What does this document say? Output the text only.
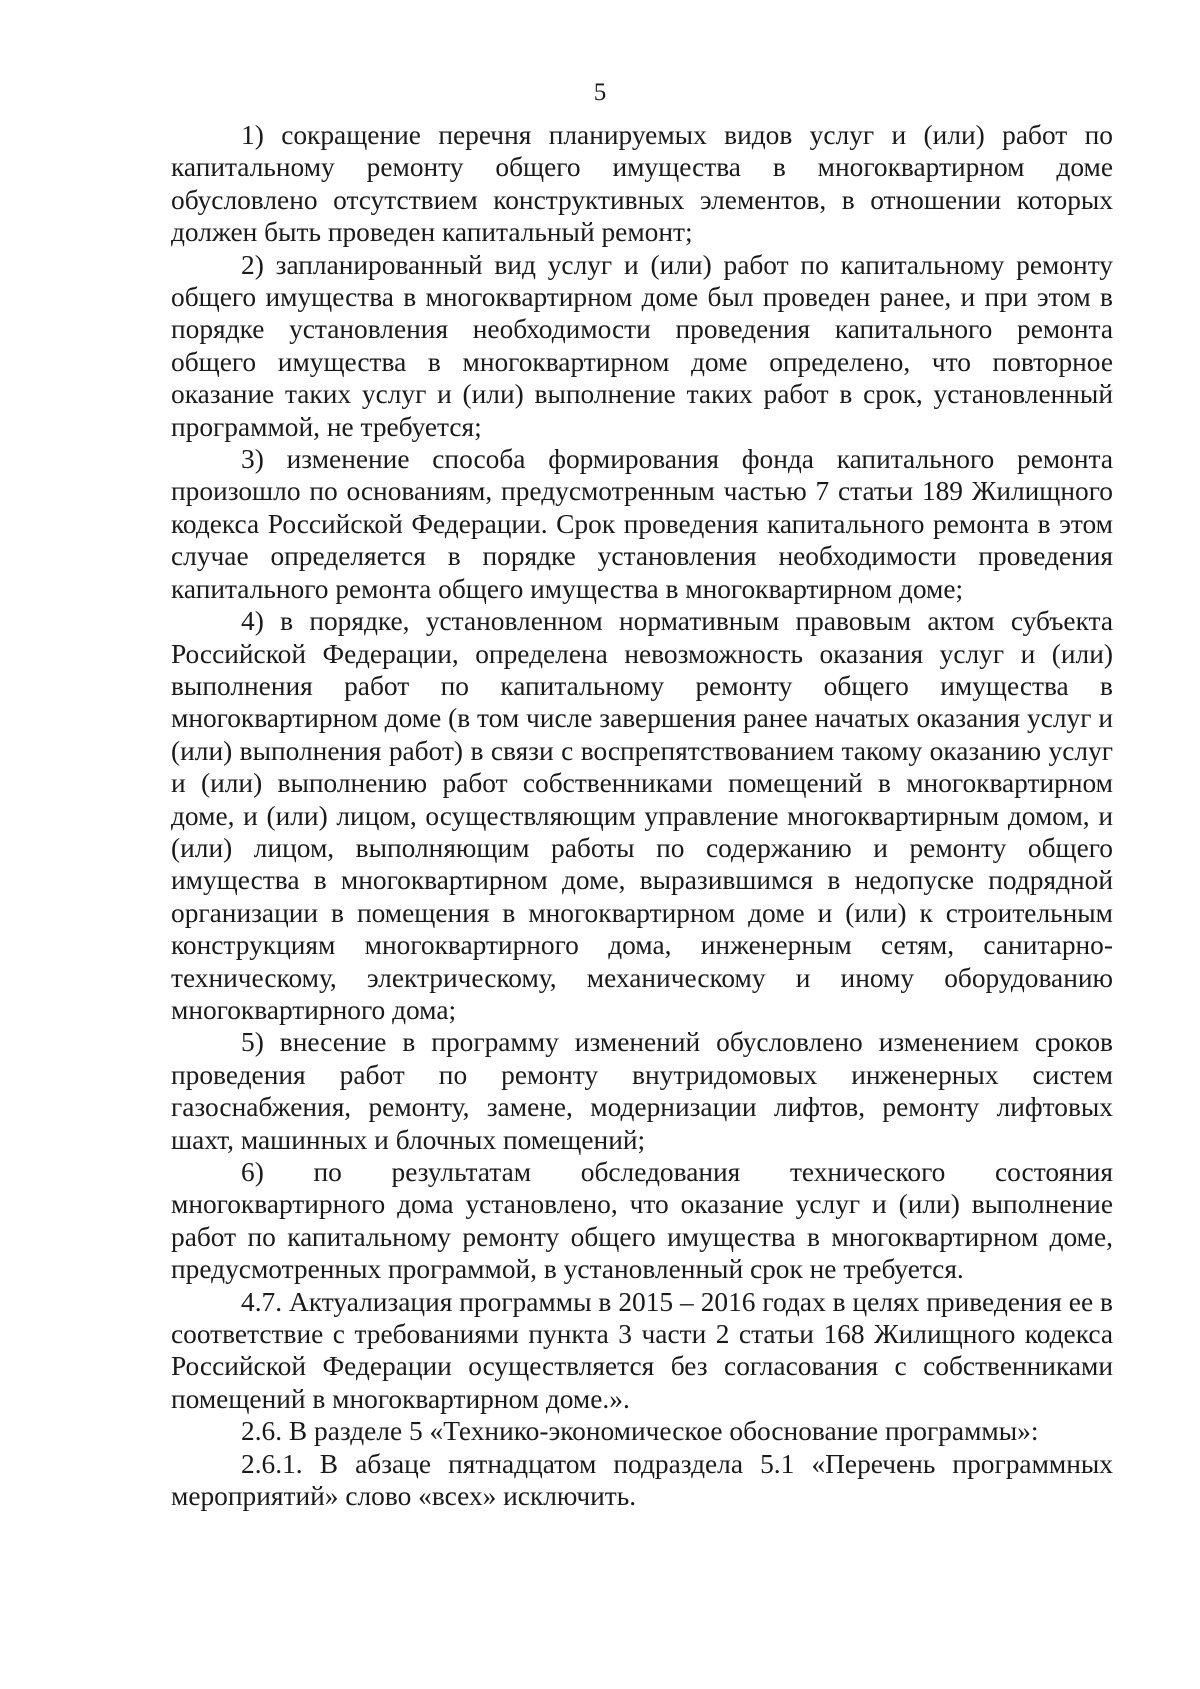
5

1) сокращение перечня планируемых видов услуг и (или) работ по капитальному ремонту общего имущества в многоквартирном доме обусловлено отсутствием конструктивных элементов, в отношении которых должен быть проведен капитальный ремонт;

2) запланированный вид услуг и (или) работ по капитальному ремонту общего имущества в многоквартирном доме был проведен ранее, и при этом в порядке установления необходимости проведения капитального ремонта общего имущества в многоквартирном доме определено, что повторное оказание таких услуг и (или) выполнение таких работ в срок, установленный программой, не требуется;

3) изменение способа формирования фонда капитального ремонта произошло по основаниям, предусмотренным частью 7 статьи 189 Жилищного кодекса Российской Федерации. Срок проведения капитального ремонта в этом случае определяется в порядке установления необходимости проведения капитального ремонта общего имущества в многоквартирном доме;

4) в порядке, установленном нормативным правовым актом субъекта Российской Федерации, определена невозможность оказания услуг и (или) выполнения работ по капитальному ремонту общего имущества в многоквартирном доме (в том числе завершения ранее начатых оказания услуг и (или) выполнения работ) в связи с воспрепятствованием такому оказанию услуг и (или) выполнению работ собственниками помещений в многоквартирном доме, и (или) лицом, осуществляющим управление многоквартирным домом, и (или) лицом, выполняющим работы по содержанию и ремонту общего имущества в многоквартирном доме, выразившимся в недопуске подрядной организации в помещения в многоквартирном доме и (или) к строительным конструкциям многоквартирного дома, инженерным сетям, санитарно-техническому, электрическому, механическому и иному оборудованию многоквартирного дома;

5) внесение в программу изменений обусловлено изменением сроков проведения работ по ремонту внутридомовых инженерных систем газоснабжения, ремонту, замене, модернизации лифтов, ремонту лифтовых шахт, машинных и блочных помещений;

6) по результатам обследования технического состояния многоквартирного дома установлено, что оказание услуг и (или) выполнение работ по капитальному ремонту общего имущества в многоквартирном доме, предусмотренных программой, в установленный срок не требуется.

4.7. Актуализация программы в 2015 – 2016 годах в целях приведения ее в соответствие с требованиями пункта 3 части 2 статьи 168 Жилищного кодекса Российской Федерации осуществляется без согласования с собственниками помещений в многоквартирном доме.».

2.6. В разделе 5 «Технико-экономическое обоснование программы»:

2.6.1. В абзаце пятнадцатом подраздела 5.1 «Перечень программных мероприятий» слово «всех» исключить.
